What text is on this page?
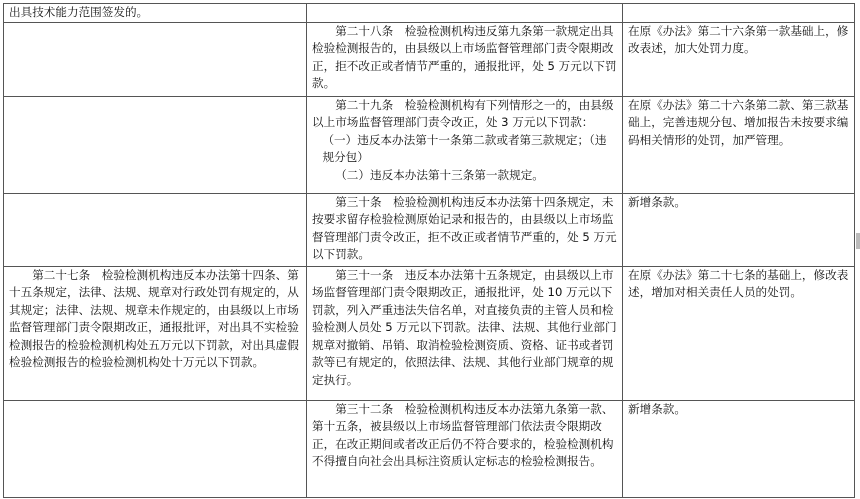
出具技术能力范围签发的。		

	第二十八条　检验检测机构违反第九条第一款规定出具检验检测报告的，由县级以上市场监督管理部门责令限期改正，拒不改正或者情节严重的，通报批评，处 5 万元以下罚款。	在原《办法》第二十六条第一款基础上，修改表述，加大处罚力度。

	第二十九条　检验检测机构有下列情形之一的，由县级以上市场监督管理部门责令改正，处 3 万元以下罚款：
（一）违反本办法第十一条第二款或者第三款规定；（违规分包）
（二）违反本办法第十三条第一款规定。	在原《办法》第二十六条第二款、第三款基础上，完善违规分包、增加报告未按要求编码相关情形的处罚，加严管理。

	第三十条　检验检测机构违反本办法第十四条规定，未按要求留存检验检测原始记录和报告的，由县级以上市场监督管理部门责令改正，拒不改正或者情节严重的，处 5 万元以下罚款。	新增条款。

第二十七条　检验检测机构违反本办法第十四条、第十五条规定，法律、法规、规章对行政处罚有规定的，从其规定；法律、法规、规章未作规定的，由县级以上市场监督管理部门责令限期改正，通报批评，对出具不实检验检测报告的检验检测机构处五万元以下罚款，对出具虚假检验检测报告的检验检测机构处十万元以下罚款。	第三十一条　违反本办法第十五条规定，由县级以上市场监督管理部门责令限期改正，通报批评，处 10 万元以下罚款，列入严重违法失信名单，对直接负责的主管人员和检验检测人员处 5 万元以下罚款。法律、法规、其他行业部门规章对撤销、吊销、取消检验检测资质、资格、证书或者罚款等已有规定的，依照法律、法规、其他行业部门规章的规定执行。	在原《办法》第二十七条的基础上，修改表述，增加对相关责任人员的处罚。

	第三十二条　检验检测机构违反本办法第九条第一款、第十五条，被县级以上市场监督管理部门依法责令限期改正，在改正期间或者改正后仍不符合要求的，检验检测机构不得擅自向社会出具标注资质认定标志的检验检测报告。	新增条款。
